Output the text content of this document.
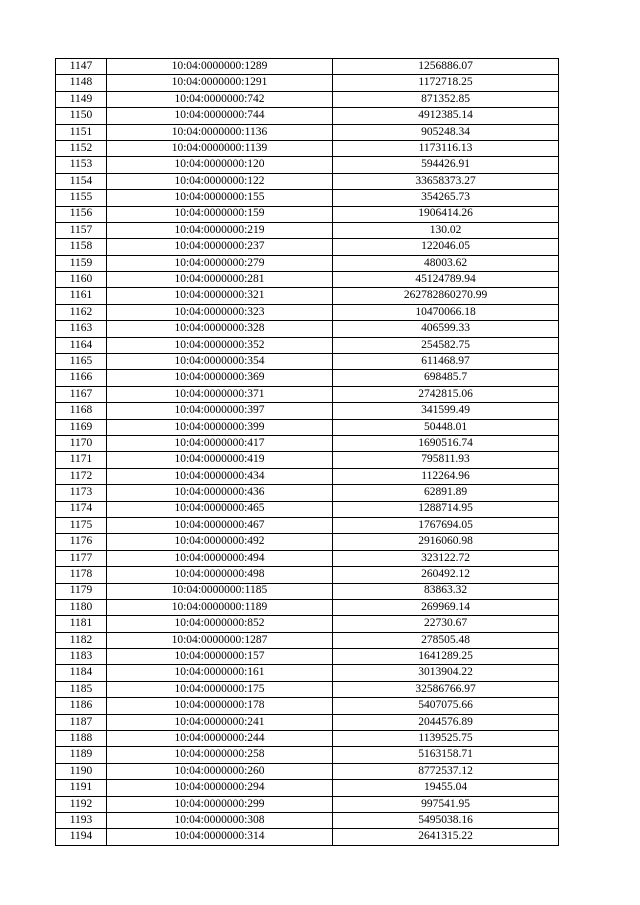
1147	10:04:0000000:1289	1256886.07
1148	10:04:0000000:1291	1172718.25
1149	10:04:0000000:742	871352.85
1150	10:04:0000000:744	4912385.14
1151	10:04:0000000:1136	905248.34
1152	10:04:0000000:1139	1173116.13
1153	10:04:0000000:120	594426.91
1154	10:04:0000000:122	33658373.27
1155	10:04:0000000:155	354265.73
1156	10:04:0000000:159	1906414.26
1157	10:04:0000000:219	130.02
1158	10:04:0000000:237	122046.05
1159	10:04:0000000:279	48003.62
1160	10:04:0000000:281	45124789.94
1161	10:04:0000000:321	262782860270.99
1162	10:04:0000000:323	10470066.18
1163	10:04:0000000:328	406599.33
1164	10:04:0000000:352	254582.75
1165	10:04:0000000:354	611468.97
1166	10:04:0000000:369	698485.7
1167	10:04:0000000:371	2742815.06
1168	10:04:0000000:397	341599.49
1169	10:04:0000000:399	50448.01
1170	10:04:0000000:417	1690516.74
1171	10:04:0000000:419	795811.93
1172	10:04:0000000:434	112264.96
1173	10:04:0000000:436	62891.89
1174	10:04:0000000:465	1288714.95
1175	10:04:0000000:467	1767694.05
1176	10:04:0000000:492	2916060.98
1177	10:04:0000000:494	323122.72
1178	10:04:0000000:498	260492.12
1179	10:04:0000000:1185	83863.32
1180	10:04:0000000:1189	269969.14
1181	10:04:0000000:852	22730.67
1182	10:04:0000000:1287	278505.48
1183	10:04:0000000:157	1641289.25
1184	10:04:0000000:161	3013904.22
1185	10:04:0000000:175	32586766.97
1186	10:04:0000000:178	5407075.66
1187	10:04:0000000:241	2044576.89
1188	10:04:0000000:244	1139525.75
1189	10:04:0000000:258	5163158.71
1190	10:04:0000000:260	8772537.12
1191	10:04:0000000:294	19455.04
1192	10:04:0000000:299	997541.95
1193	10:04:0000000:308	5495038.16
1194	10:04:0000000:314	2641315.22
